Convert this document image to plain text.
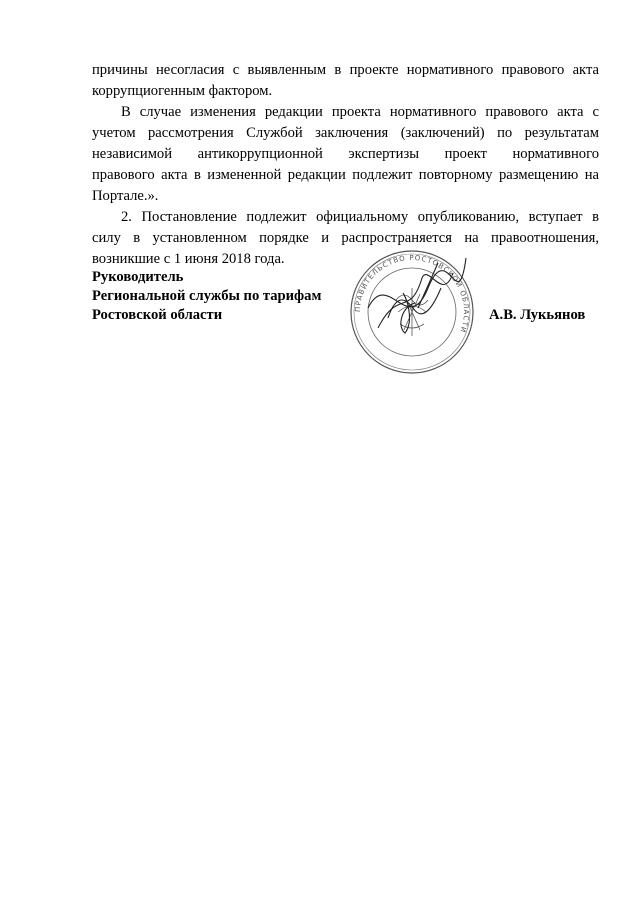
причины несогласия с выявленным в проекте нормативного правового акта
коррупциогенным фактором.
В случае изменения редакции проекта нормативного правового акта с
учетом рассмотрения Службой заключения (заключений) по результатам
независимой антикоррупционной экспертизы проект нормативного
правового акта в измененной редакции подлежит повторному размещению на
Портале.».
2. Постановление подлежит официальному опубликованию, вступает в
силу в установленном порядке и распространяется на правоотношения,
возникшие с 1 июня 2018 года.
Руководитель
Региональной службы по тарифам
Ростовской области	ПРАВИТЕЛЬСТВО РОСТОВСКОЙ ОБЛАСТИ
А.В. Лукьянов
